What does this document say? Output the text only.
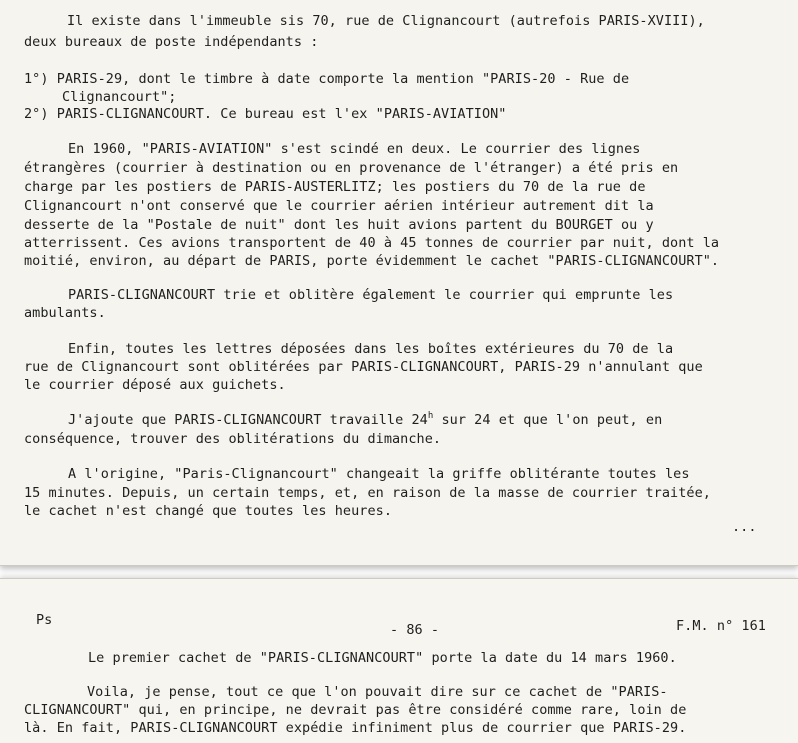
Il existe dans l'immeuble sis 70, rue de Clignancourt (autrefois PARIS-XVIII),
deux bureaux de poste indépendants :
1°) PARIS-29, dont le timbre à date comporte la mention "PARIS-20 - Rue de
Clignancourt";
2°) PARIS-CLIGNANCOURT. Ce bureau est l'ex "PARIS-AVIATION"
En 1960, "PARIS-AVIATION" s'est scindé en deux. Le courrier des lignes
étrangères (courrier à destination ou en provenance de l'étranger) a été pris en
charge par les postiers de PARIS-AUSTERLITZ; les postiers du 70 de la rue de
Clignancourt n'ont conservé que le courrier aérien intérieur autrement dit la
desserte de la "Postale de nuit" dont les huit avions partent du BOURGET ou y
atterrissent. Ces avions transportent de 40 à 45 tonnes de courrier par nuit, dont la
moitié, environ, au départ de PARIS, porte évidemment le cachet "PARIS-CLIGNANCOURT".
PARIS-CLIGNANCOURT trie et oblitère également le courrier qui emprunte les
ambulants.
Enfin, toutes les lettres déposées dans les boîtes extérieures du 70 de la
rue de Clignancourt sont oblitérées par PARIS-CLIGNANCOURT, PARIS-29 n'annulant que
le courrier déposé aux guichets.
J'ajoute que PARIS-CLIGNANCOURT travaille 24$^h$ sur 24 et que l'on peut, en
conséquence, trouver des oblitérations du dimanche.
A l'origine, "Paris-Clignancourt" changeait la griffe oblitérante toutes les
15 minutes. Depuis, un certain temps, et, en raison de la masse de courrier traitée,
le cachet n'est changé que toutes les heures.
...
Ps
- 86 -	F.M. n° 161
Le premier cachet de "PARIS-CLIGNANCOURT" porte la date du 14 mars 1960.
Voila, je pense, tout ce que l'on pouvait dire sur ce cachet de "PARIS-
CLIGNANCOURT" qui, en principe, ne devrait pas être considéré comme rare, loin de
là. En fait, PARIS-CLIGNANCOURT expédie infiniment plus de courrier que PARIS-29.
